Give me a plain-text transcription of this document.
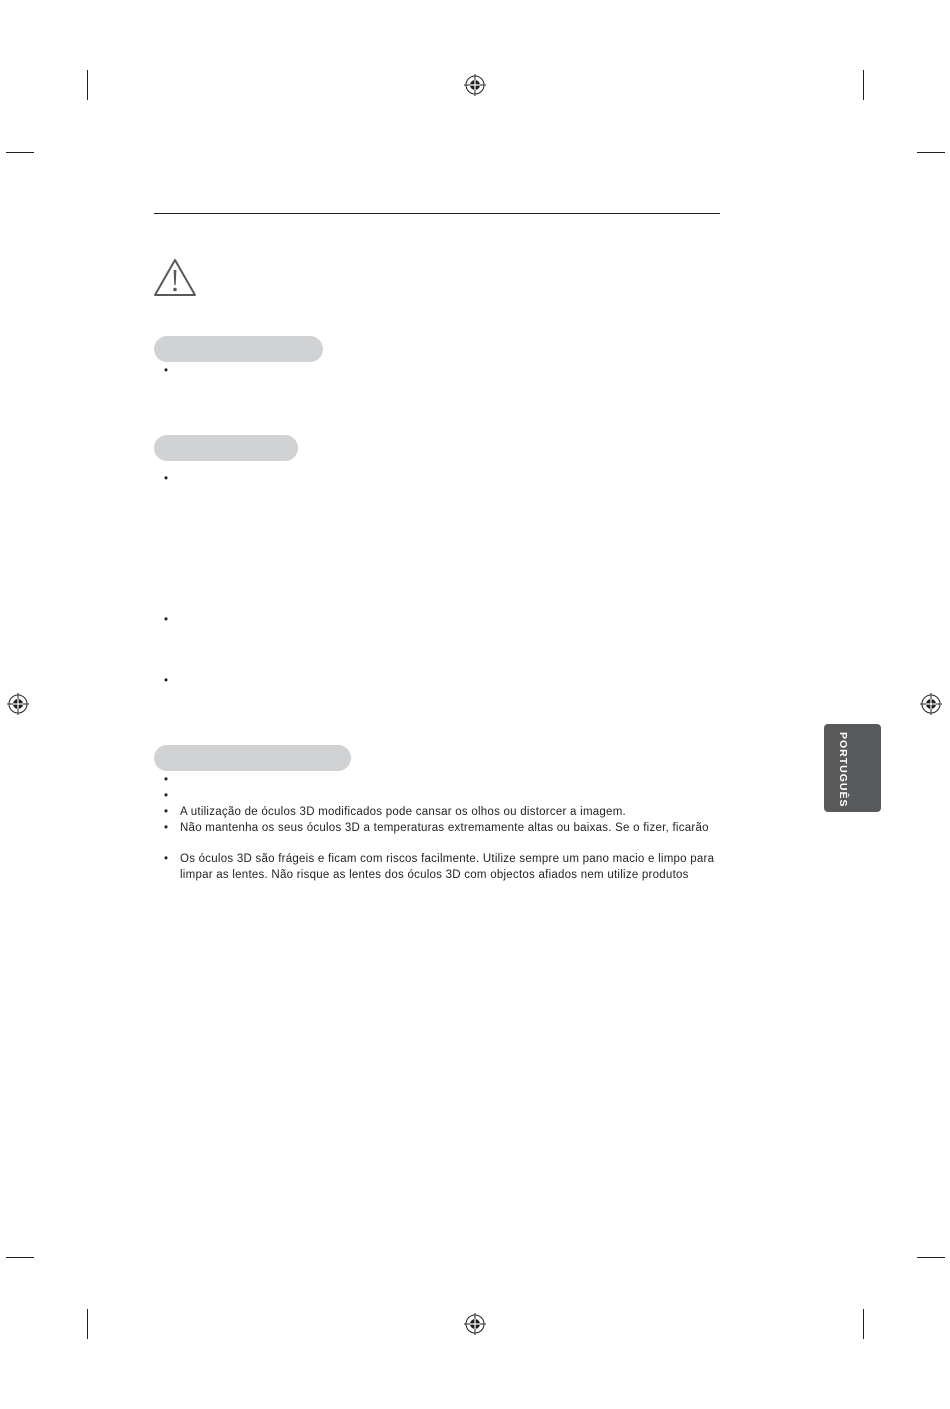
•
•
•
•
•
•
• A utilização de óculos 3D modificados pode cansar os olhos ou distorcer a imagem.
• Não mantenha os seus óculos 3D a temperaturas extremamente altas ou baixas. Se o fizer, ficarão
• Os óculos 3D são frágeis e ficam com riscos facilmente. Utilize sempre um pano macio e limpo para
limpar as lentes. Não risque as lentes dos óculos 3D com objectos afiados nem utilize produtos
PORTUGUÊS
